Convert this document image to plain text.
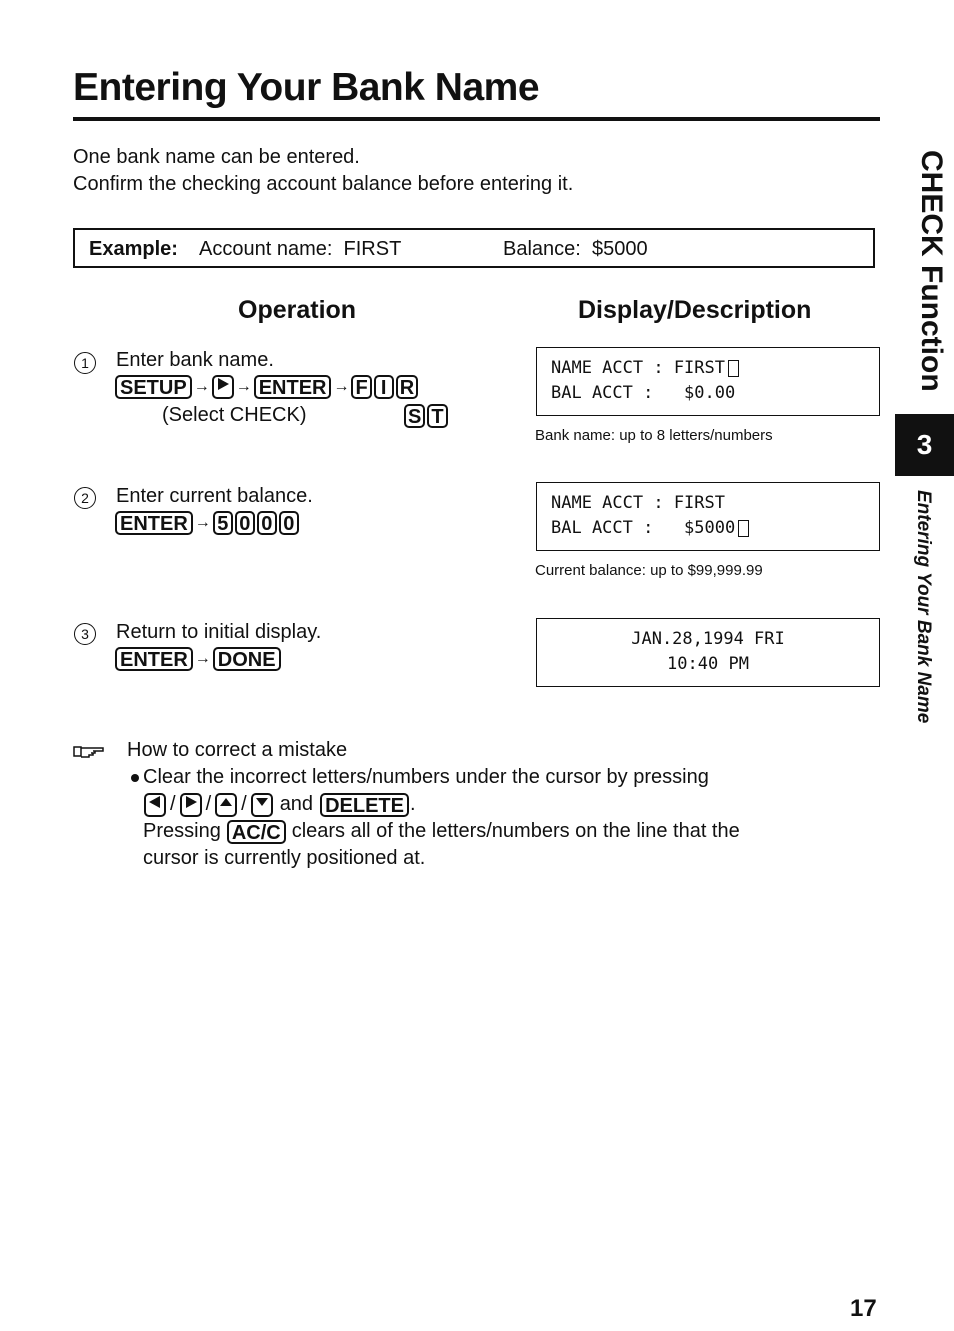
Entering Your Bank Name
One bank name can be entered.
Confirm the checking account balance before entering it.
Example: Account name:  FIRST	Balance:  $5000
Operation	Display/Description
1	Enter bank name.
SETUP → → ENTER → F I R
(Select CHECK)	S T
NAME ACCT : FIRST
BAL ACCT :   $0.00
Bank name: up to 8 letters/numbers
2	Enter current balance.
ENTER → 5 0 0 0
NAME ACCT : FIRST
BAL ACCT :   $5000
Current balance: up to $99,999.99
3	Return to initial display.
ENTER → DONE
JAN.28,1994 FRI
10:40 PM
How to correct a mistake
Clear the incorrect letters/numbers under the cursor by pressing
/ / / and DELETE .
Pressing AC/C clears all of the letters/numbers on the line that the
cursor is currently positioned at.
CHECK Function
3
Entering Your Bank Name
17
